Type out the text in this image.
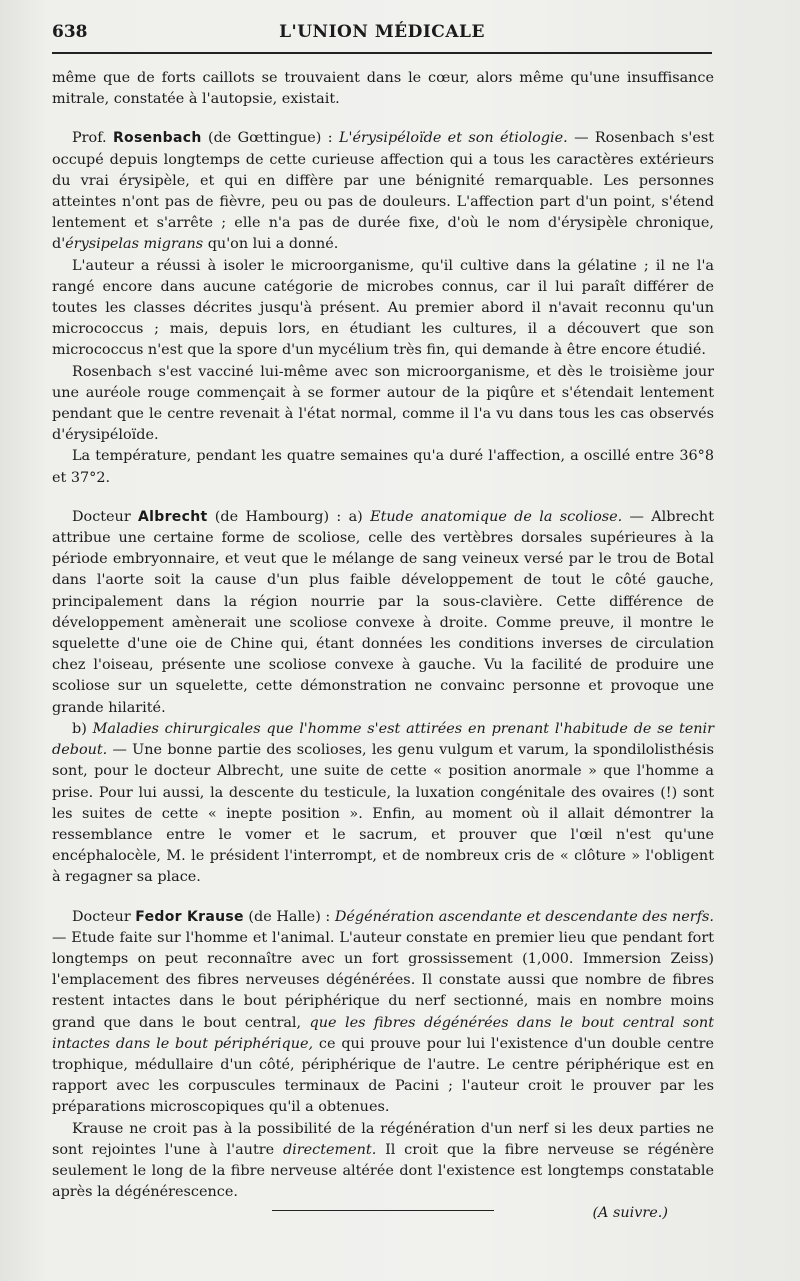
638	L'UNION MÉDICALE

même que de forts caillots se trouvaient dans le cœur, alors même qu'une insuffisance mitrale, constatée à l'autopsie, existait.

Prof. Rosenbach (de Gœttingue) : L'érysipéloïde et son étiologie. — Rosenbach s'est occupé depuis longtemps de cette curieuse affection qui a tous les caractères extérieurs du vrai érysipèle, et qui en diffère par une bénignité remarquable. Les personnes atteintes n'ont pas de fièvre, peu ou pas de douleurs. L'affection part d'un point, s'étend lentement et s'arrête ; elle n'a pas de durée fixe, d'où le nom d'érysipèle chronique, d'érysipelas migrans qu'on lui a donné.

L'auteur a réussi à isoler le microorganisme, qu'il cultive dans la gélatine ; il ne l'a rangé encore dans aucune catégorie de microbes connus, car il lui paraît différer de toutes les classes décrites jusqu'à présent. Au premier abord il n'avait reconnu qu'un micrococcus ; mais, depuis lors, en étudiant les cultures, il a découvert que son micrococcus n'est que la spore d'un mycélium très fin, qui demande à être encore étudié.

Rosenbach s'est vacciné lui-même avec son microorganisme, et dès le troisième jour une auréole rouge commençait à se former autour de la piqûre et s'étendait lentement pendant que le centre revenait à l'état normal, comme il l'a vu dans tous les cas observés d'érysipéloïde.

La température, pendant les quatre semaines qu'a duré l'affection, a oscillé entre 36°8 et 37°2.

Docteur Albrecht (de Hambourg) : a) Etude anatomique de la scoliose. — Albrecht attribue une certaine forme de scoliose, celle des vertèbres dorsales supérieures à la période embryonnaire, et veut que le mélange de sang veineux versé par le trou de Botal dans l'aorte soit la cause d'un plus faible développement de tout le côté gauche, principalement dans la région nourrie par la sous-clavière. Cette différence de développement amènerait une scoliose convexe à droite. Comme preuve, il montre le squelette d'une oie de Chine qui, étant données les conditions inverses de circulation chez l'oiseau, présente une scoliose convexe à gauche. Vu la facilité de produire une scoliose sur un squelette, cette démonstration ne convainc personne et provoque une grande hilarité.

b) Maladies chirurgicales que l'homme s'est attirées en prenant l'habitude de se tenir debout. — Une bonne partie des scolioses, les genu vulgum et varum, la spondilolisthésis sont, pour le docteur Albrecht, une suite de cette « position anormale » que l'homme a prise. Pour lui aussi, la descente du testicule, la luxation congénitale des ovaires (!) sont les suites de cette « inepte position ». Enfin, au moment où il allait démontrer la ressemblance entre le vomer et le sacrum, et prouver que l'œil n'est qu'une encéphalocèle, M. le président l'interrompt, et de nombreux cris de « clôture » l'obligent à regagner sa place.

Docteur Fedor Krause (de Halle) : Dégénération ascendante et descendante des nerfs. — Etude faite sur l'homme et l'animal. L'auteur constate en premier lieu que pendant fort longtemps on peut reconnaître avec un fort grossissement (1,000. Immersion Zeiss) l'emplacement des fibres nerveuses dégénérées. Il constate aussi que nombre de fibres restent intactes dans le bout périphérique du nerf sectionné, mais en nombre moins grand que dans le bout central, que les fibres dégénérées dans le bout central sont intactes dans le bout périphérique, ce qui prouve pour lui l'existence d'un double centre trophique, médullaire d'un côté, périphérique de l'autre. Le centre périphérique est en rapport avec les corpuscules terminaux de Pacini ; l'auteur croit le prouver par les préparations microscopiques qu'il a obtenues.

Krause ne croit pas à la possibilité de la régénération d'un nerf si les deux parties ne sont rejointes l'une à l'autre directement. Il croit que la fibre nerveuse se régénère seulement le long de la fibre nerveuse altérée dont l'existence est longtemps constatable après la dégénérescence.

(A suivre.)
